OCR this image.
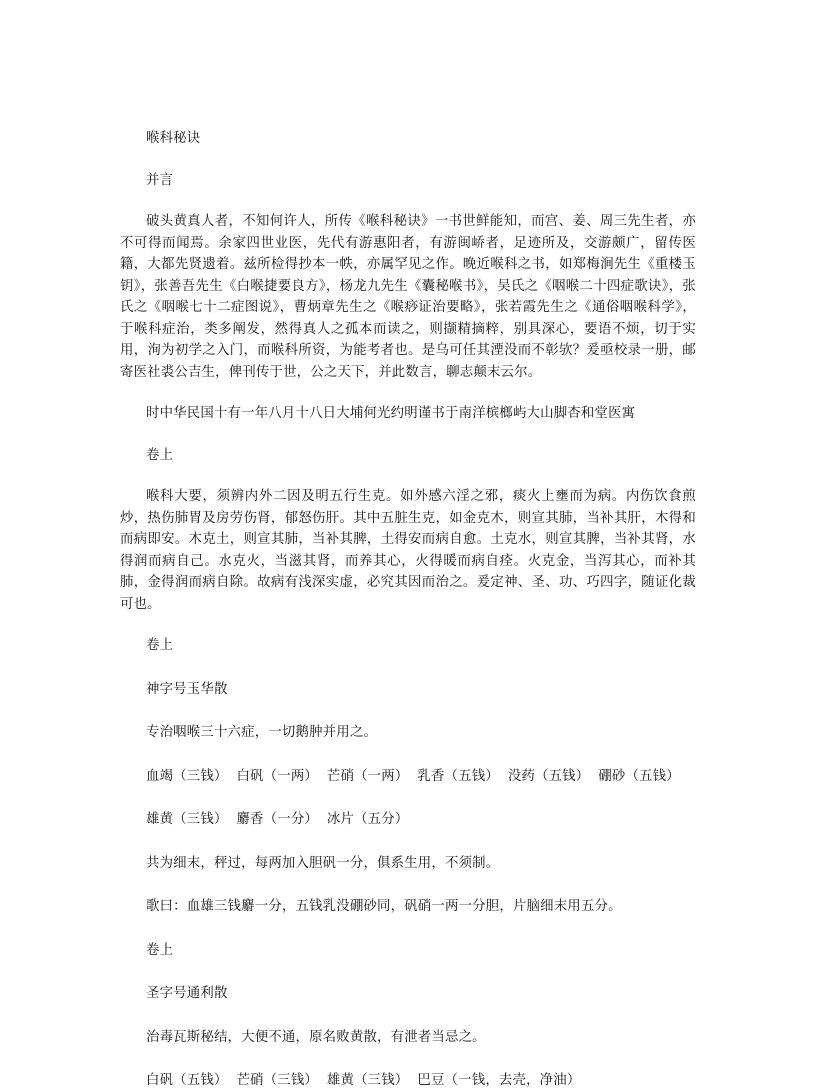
喉科秘诀

并言

破头黄真人者，不知何许人，所传《喉科秘诀》一书世鲜能知，而宫、姜、周三先生者，亦不可得而闻焉。余家四世业医，先代有游惠阳者，有游闽峤者，足迹所及，交游颇广，留传医籍，大都先贤遗着。兹所检得抄本一帙，亦属罕见之作。晚近喉科之书，如郑梅涧先生《重楼玉钥》，张善吾先生《白喉捷要良方》，杨龙九先生《囊秘喉书》，吴氏之《咽喉二十四症歌诀》，张氏之《咽喉七十二症图说》，曹炳章先生之《喉痧证治要略》，张若霞先生之《通俗咽喉科学》，于喉科症治，类多阐发，然得真人之孤本而读之，则撷精摘粹，别具深心，要语不烦，切于实用，洵为初学之入门，而喉科所资，为能考者也。是乌可任其湮没而不彰欤？爰亟校录一册，邮寄医社裘公吉生，俾刊传于世，公之天下，并此数言，聊志颠末云尔。

时中华民国十有一年八月十八日大埔何光约明谨书于南洋槟榔屿大山脚杏和堂医寓

卷上

喉科大要，须辨内外二因及明五行生克。如外感六淫之邪，痰火上壅而为病。内伤饮食煎炒，热伤肺胃及房劳伤肾，郁怒伤肝。其中五脏生克，如金克木，则宣其肺，当补其肝，木得和而病即安。木克土，则宣其肺，当补其脾，土得安而病自愈。土克水，则宣其脾，当补其肾，水得润而病自己。水克火，当滋其肾，而养其心，火得暖而病自痊。火克金，当泻其心，而补其肺，金得润而病自除。故病有浅深实虚，必究其因而治之。爰定神、圣、功、巧四字，随证化裁可也。

卷上

神字号玉华散

专治咽喉三十六症，一切鹅肿并用之。

血竭（三钱）  白矾（一两）  芒硝（一两）  乳香（五钱）  没药（五钱）  硼砂（五钱）

雄黄（三钱）  麝香（一分）  冰片（五分）

共为细末，秤过，每两加入胆矾一分，俱系生用，不须制。

歌曰：血雄三钱麝一分，五钱乳没硼砂同，矾硝一两一分胆，片脑细末用五分。

卷上

圣字号通利散

治毒瓦斯秘结，大便不通，原名败黄散，有泄者当忌之。

白矾（五钱）  芒硝（三钱）  雄黄（三钱）  巴豆（一钱，去壳，净油）
